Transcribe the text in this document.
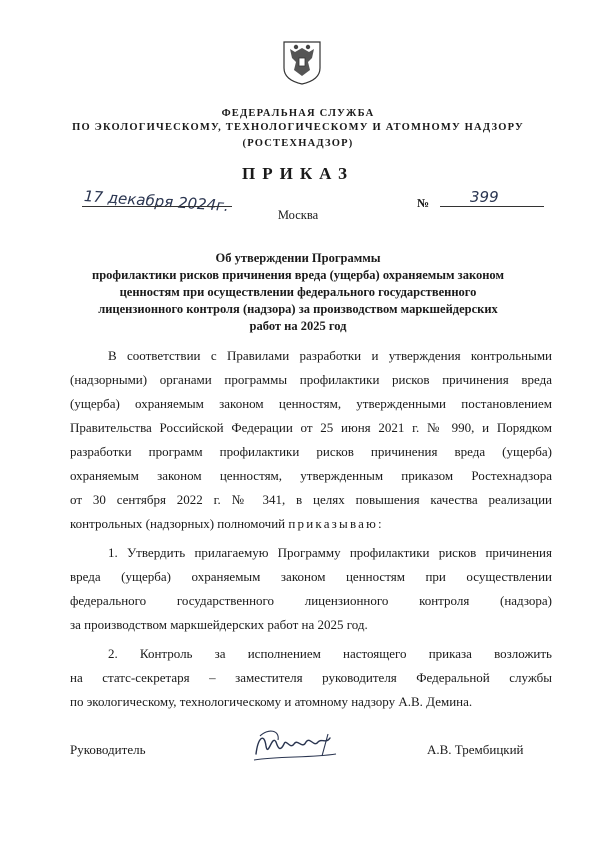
ФЕДЕРАЛЬНАЯ СЛУЖБА
ПО ЭКОЛОГИЧЕСКОМУ, ТЕХНОЛОГИЧЕСКОМУ И АТОМНОМУ НАДЗОРУ
(РОСТЕХНАДЗОР)
ПРИКАЗ
17 декабря 2024г.	№	399
Москва
Об утверждении Программы
профилактики рисков причинения вреда (ущерба) охраняемым законом
ценностям при осуществлении федерального государственного
лицензионного контроля (надзора) за производством маркшейдерских
работ на 2025 год
В соответствии с Правилами разработки и утверждения контрольными
(надзорными) органами программы профилактики рисков причинения вреда
(ущерба) охраняемым законом ценностям, утвержденными постановлением
Правительства Российской Федерации от 25 июня 2021 г. № 990, и Порядком
разработки программ профилактики рисков причинения вреда (ущерба)
охраняемым законом ценностям, утвержденным приказом Ростехнадзора
от 30 сентября 2022 г. № 341, в целях повышения качества реализации
контрольных (надзорных) полномочий приказываю:
1. Утвердить прилагаемую Программу профилактики рисков причинения
вреда (ущерба) охраняемым законом ценностям при осуществлении
федерального государственного лицензионного контроля (надзора)
за производством маркшейдерских работ на 2025 год.
2. Контроль за исполнением настоящего приказа возложить
на статс-секретаря – заместителя руководителя Федеральной службы
по экологическому, технологическому и атомному надзору А.В. Демина.
Руководитель	А.В. Трембицкий
